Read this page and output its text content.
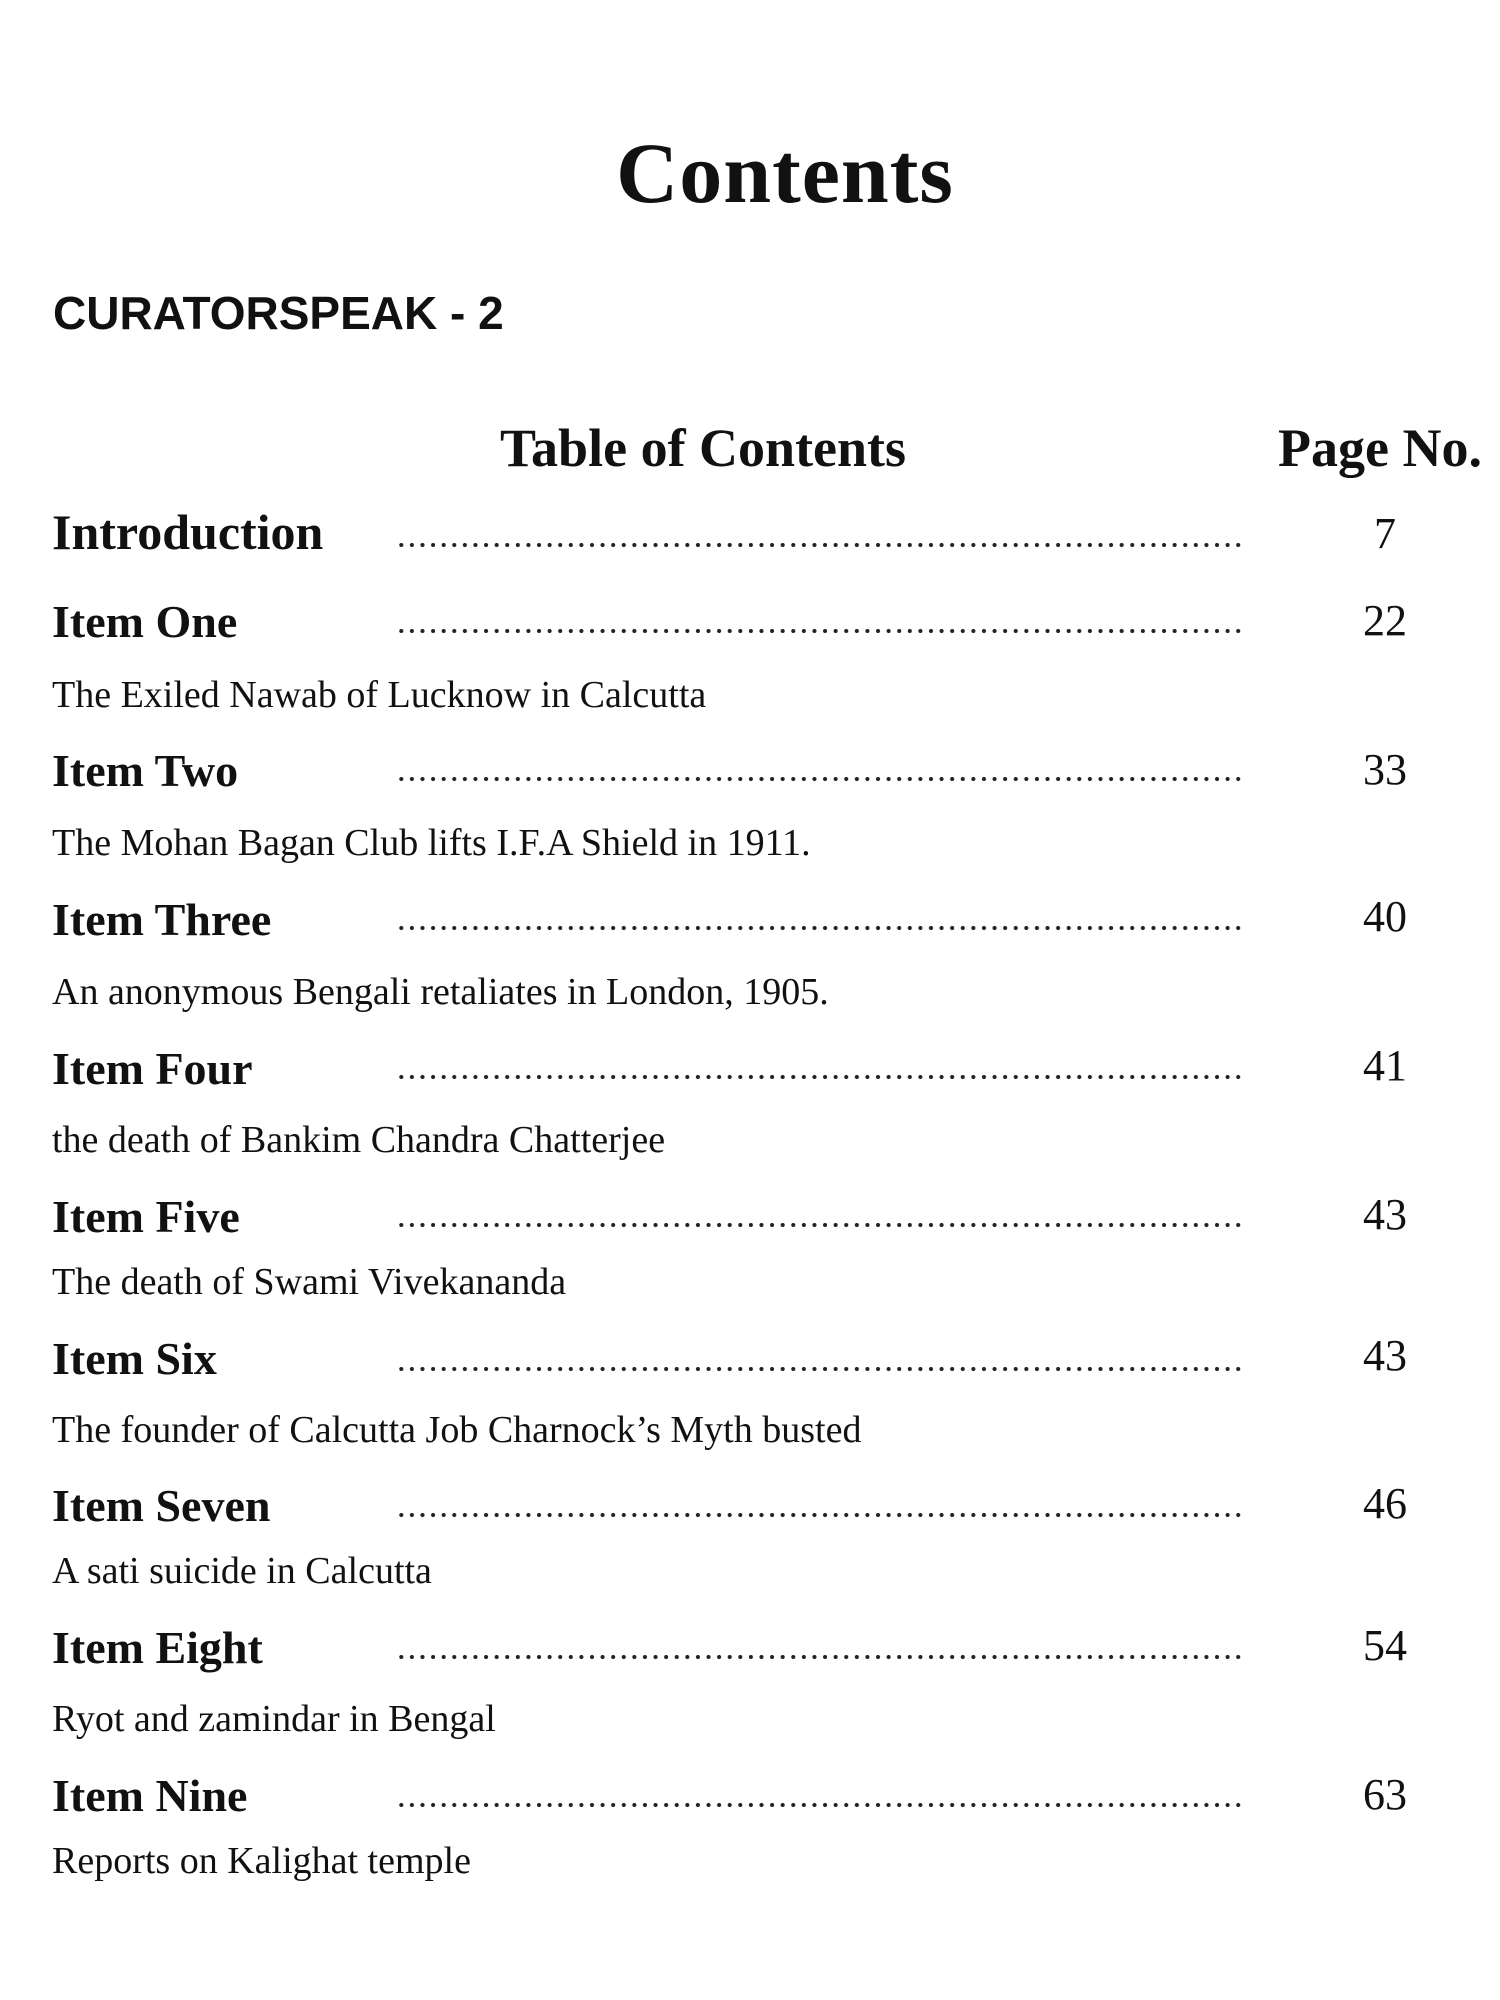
Contents
CURATORSPEAK - 2
Table of Contents	Page No.
Introduction	7
Item One	22
The Exiled Nawab of Lucknow in Calcutta
Item Two	33
The Mohan Bagan Club lifts I.F.A Shield in 1911.
Item Three	40
An anonymous Bengali retaliates in London, 1905.
Item Four	41
the death of Bankim Chandra Chatterjee
Item Five	43
The death of Swami Vivekananda
Item Six	43
The founder of Calcutta Job Charnock’s Myth busted
Item Seven	46
A sati suicide in Calcutta
Item Eight	54
Ryot and zamindar in Bengal
Item Nine	63
Reports on Kalighat temple
